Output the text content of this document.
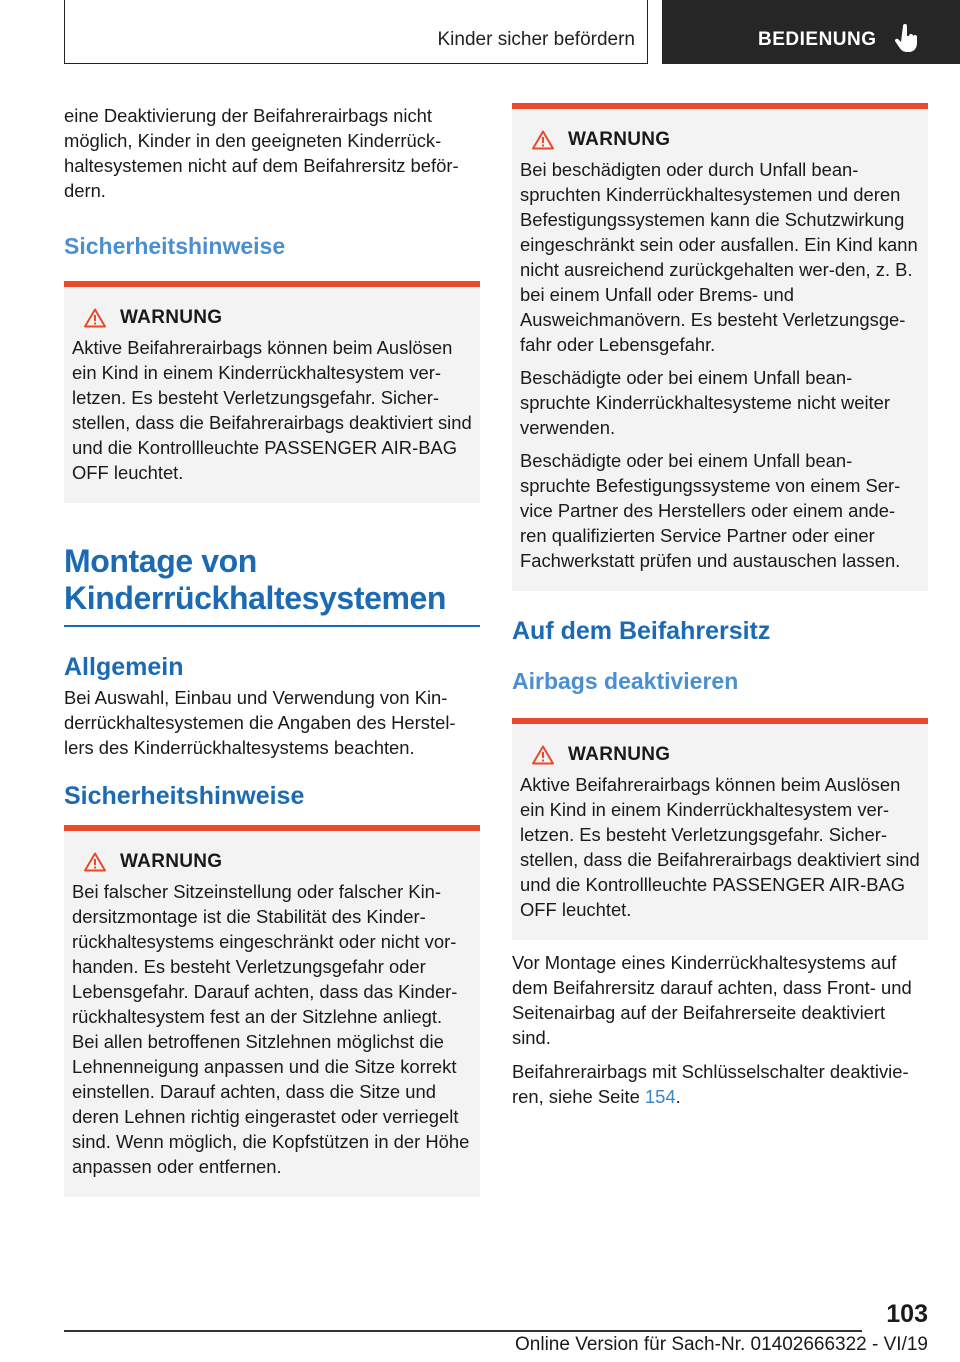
Kinder sicher befördern	BEDIENUNG

eine Deaktivierung der Beifahrerairbags nicht möglich, Kinder in den geeigneten Kinderrück‐haltesystemen nicht auf dem Beifahrersitz beför‐dern.

Sicherheitshinweise
WARNUNG

Aktive Beifahrerairbags können beim Auslösen ein Kind in einem Kinderrückhaltesystem ver‐letzen. Es besteht Verletzungsgefahr. Sicher‐stellen, dass die Beifahrerairbags deaktiviert sind und die Kontrollleuchte PASSENGER AIR‐BAG OFF leuchtet.

Montage von Kinderrückhaltesystemen
Allgemein

Bei Auswahl, Einbau und Verwendung von Kin‐derrückhaltesystemen die Angaben des Herstel‐lers des Kinderrückhaltesystems beachten.

Sicherheitshinweise
WARNUNG

Bei falscher Sitzeinstellung oder falscher Kin‐dersitzmontage ist die Stabilität des Kinder‐rückhaltesystems eingeschränkt oder nicht vor‐handen. Es besteht Verletzungsgefahr oder Lebensgefahr. Darauf achten, dass das Kinder‐rückhaltesystem fest an der Sitzlehne anliegt. Bei allen betroffenen Sitzlehnen möglichst die Lehnenneigung anpassen und die Sitze korrekt einstellen. Darauf achten, dass die Sitze und deren Lehnen richtig eingerastet oder verriegelt sind. Wenn möglich, die Kopfstützen in der Höhe anpassen oder entfernen.

WARNUNG

Bei beschädigten oder durch Unfall bean‐spruchten Kinderrückhaltesystemen und deren Befestigungssystemen kann die Schutzwirkung eingeschränkt sein oder ausfallen. Ein Kind kann nicht ausreichend zurückgehalten wer‐den, z. B. bei einem Unfall oder Brems- und Ausweichmanövern. Es besteht Verletzungsge‐fahr oder Lebensgefahr.

Beschädigte oder bei einem Unfall bean‐spruchte Kinderrückhaltesysteme nicht weiter verwenden.

Beschädigte oder bei einem Unfall bean‐spruchte Befestigungssysteme von einem Ser‐vice Partner des Herstellers oder einem ande‐ren qualifizierten Service Partner oder einer Fachwerkstatt prüfen und austauschen lassen.

Auf dem Beifahrersitz
Airbags deaktivieren
WARNUNG

Aktive Beifahrerairbags können beim Auslösen ein Kind in einem Kinderrückhaltesystem ver‐letzen. Es besteht Verletzungsgefahr. Sicher‐stellen, dass die Beifahrerairbags deaktiviert sind und die Kontrollleuchte PASSENGER AIR‐BAG OFF leuchtet.

Vor Montage eines Kinderrückhaltesystems auf dem Beifahrersitz darauf achten, dass Front- und Seitenairbag auf der Beifahrerseite deaktiviert sind.

Beifahrerairbags mit Schlüsselschalter deaktivie‐ren, siehe Seite 154.

103
Online Version für Sach-Nr. 01402666322 - VI/19
